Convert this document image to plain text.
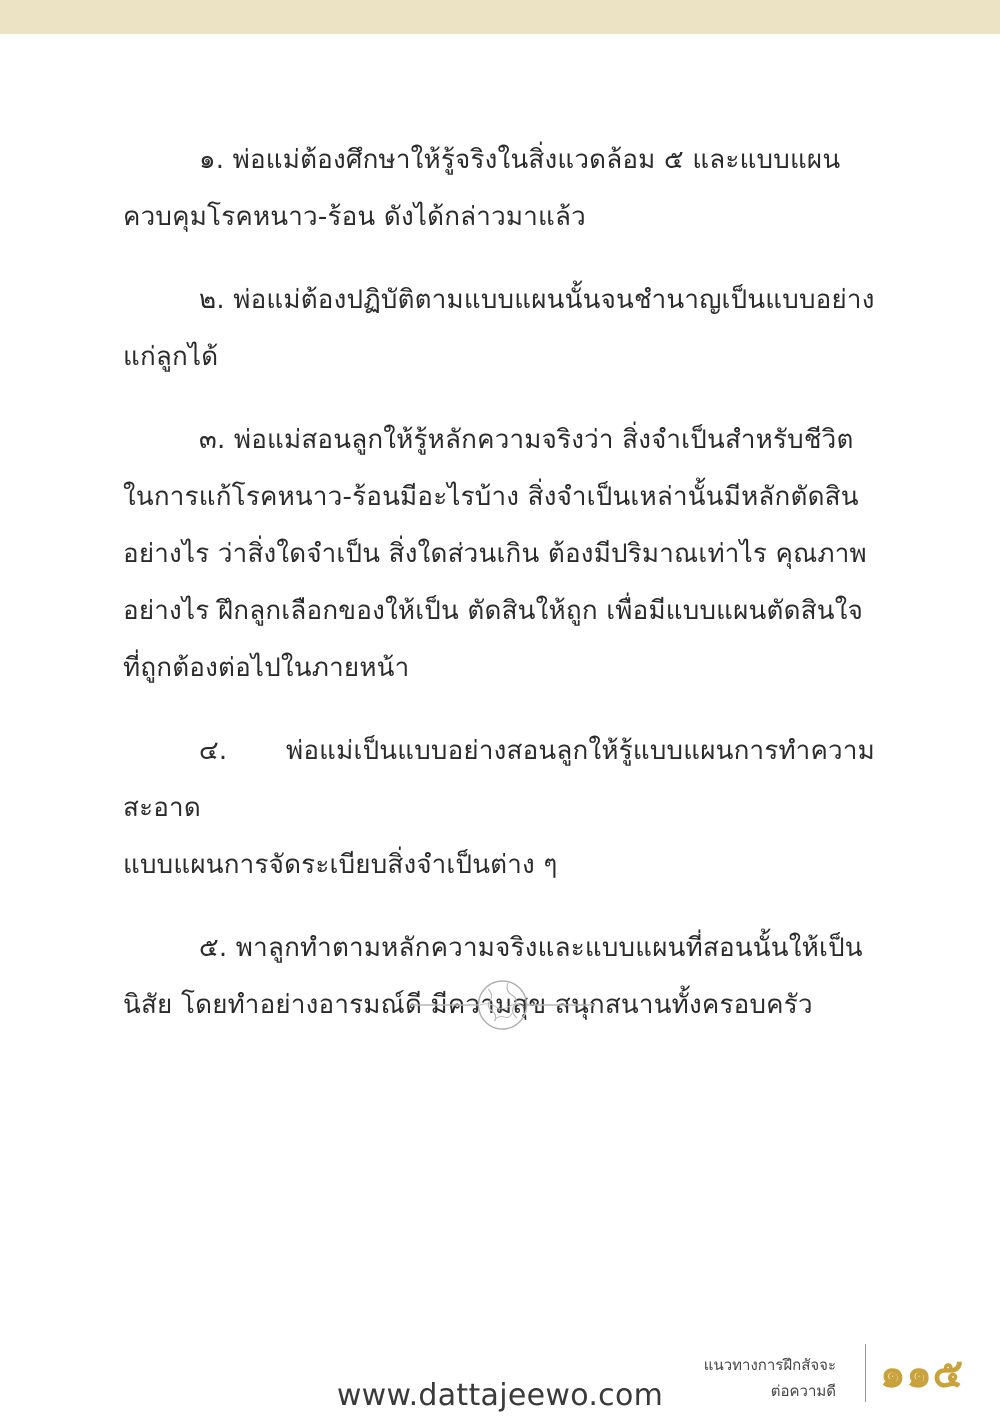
๑. พ่อแม่ต้องศึกษาให้รู้จริงในสิ่งแวดล้อม ๕ และแบบแผน
ควบคุมโรคหนาว-ร้อน ดังได้กล่าวมาแล้ว
๒. พ่อแม่ต้องปฏิบัติตามแบบแผนนั้นจนชำนาญเป็นแบบอย่าง
แก่ลูกได้
๓. พ่อแม่สอนลูกให้รู้หลักความจริงว่า สิ่งจำเป็นสำหรับชีวิต
ในการแก้โรคหนาว-ร้อนมีอะไรบ้าง สิ่งจำเป็นเหล่านั้นมีหลักตัดสิน
อย่างไร ว่าสิ่งใดจำเป็น สิ่งใดส่วนเกิน ต้องมีปริมาณเท่าไร คุณภาพ
อย่างไร ฝึกลูกเลือกของให้เป็น ตัดสินให้ถูก เพื่อมีแบบแผนตัดสินใจ
ที่ถูกต้องต่อไปในภายหน้า
๔. พ่อแม่เป็นแบบอย่างสอนลูกให้รู้แบบแผนการทำความสะอาด
แบบแผนการจัดระเบียบสิ่งจำเป็นต่าง ๆ
๕. พาลูกทำตามหลักความจริงและแบบแผนที่สอนนั้นให้เป็น
นิสัย โดยทำอย่างอารมณ์ดี มีความสุข สนุกสนานทั้งครอบครัว
แนวทางการฝึกสัจจะ
ต่อความดี ๑๑๕
www.dattajeewo.com
